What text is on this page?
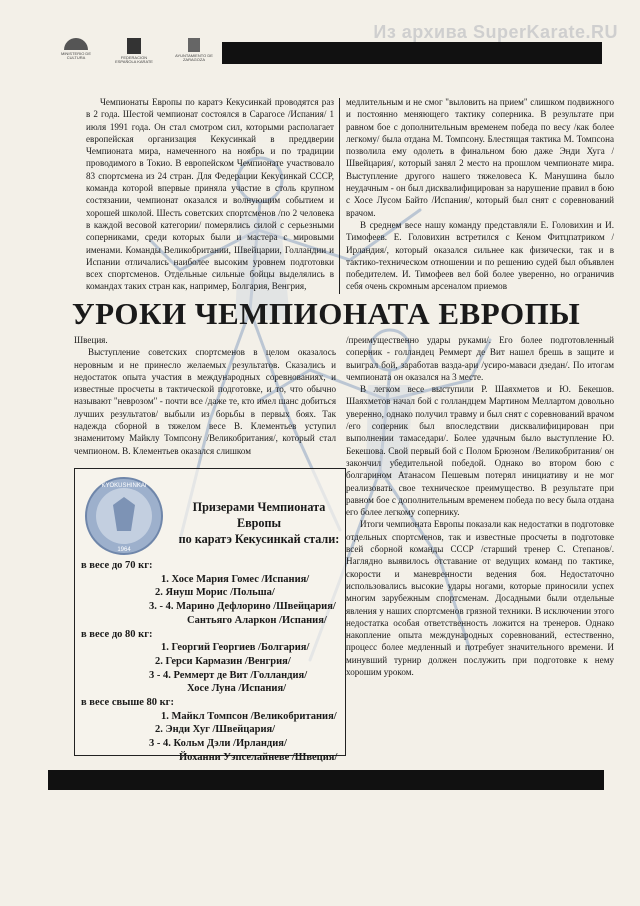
Из архива SuperKarate.RU
MINISTERIO DE CULTURA	FEDERACION ESPAÑOLA KARATE
AYUNTAMIENTO DE ZARAGOZA

Чемпионаты Европы по каратэ Кекусинкай проводятся раз в 2 года. Шестой чемпионат состоялся в Сарагосе /Испания/ 1 июля 1991 года. Он стал смотром сил, которыми располагает европейская организация Кекусинкай в преддверии Чемпионата мира, намеченного на ноябрь и по традиции проводимого в Токио. В европейском Чемпионате участвовало 83 спортсмена из 24 стран. Для Федерации Кекусинкай СССР, команда которой впервые приняла участие в столь крупном состязании, чемпионат оказался и волнующим событием и хорошей школой. Шесть советских спортсменов /по 2 человека в каждой весовой категории/ померялись силой с серьезными соперниками, среди которых были и мастера с мировыми именами. Команды Великобритании, Швейцарии, Голландии и Испании отличались наиболее высоким уровнем подготовки всех спортсменов. Отдельные сильные бойцы выделялись в командах таких стран как, например, Болгария, Венгрия,

медлительным и не смог "выловить на прием" слишком подвижного и постоянно меняющего тактику соперника. В результате при равном бое с дополнительным временем победа по весу /как более легкому/ была отдана М. Томпсону. Блестящая тактика М. Томпсона позволила ему одолеть в финальном бою даже Энди Хуга /Швейцария/, который занял 2 место на прошлом чемпионате мира. Выступление другого нашего тяжеловеса К. Манушина было неудачным - он был дисквалифицирован за нарушение правил в бою с Хосе Лусом Байто /Испания/, который был снят с соревнований врачом.

В среднем весе нашу команду представляли Е. Головихин и И. Тимофеев. Е. Головихин встретился с Кеном Фитцпатриком /Ирландия/, который оказался сильнее как физически, так и в тактико-техническом отношении и по решению судей был объявлен победителем. И. Тимофеев вел бой более уверенно, но ограничив себя очень скромным арсеналом приемов

УРОКИ ЧЕМПИОНАТА ЕВРОПЫ

Швеция.

Выступление советских спортсменов в целом оказалось неровным и не принесло желаемых результатов. Сказались и недостаток опыта участия в международных соревнованиях, и известные просчеты в тактической подготовке, и то, что обычно называют "неврозом" - почти все /даже те, кто имел шанс добиться лучших результатов/ выбыли из борьбы в первых боях. Так надежда сборной в тяжелом весе В. Клементьев уступил знаменитому Майклу Томпсону /Великобритания/, который стал чемпионом. В. Клементьев оказался слишком

/преимущественно удары руками/. Его более подготовленный соперник - голландец Реммерт де Вит нашел брешь в защите и выиграл бой, заработав вазда-ари /усиро-маваси дзедан/. По итогам чемпионата он оказался на 3 месте.

В легком весе выступили Р. Шаяхметов и Ю. Бекешов. Шаяхметов начал бой с голландцем Мартином Меллартом довольно уверенно, однако получил травму и был снят с соревнований врачом /его соперник был впоследствии дисквалифицирован при выполнении тамаседари/. Более удачным было выступление Ю. Бекешова. Свой первый бой с Полом Брюэном /Великобритания/ он закончил убедительной победой. Однако во втором бою с болгарином Атанасом Пешевым потерял инициативу и не мог реализовать свое техническое преимущество. В результате при равном бое с дополнительным временем победа по весу была отдана его более легкому сопернику.

Итоги чемпионата Европы показали как недостатки в подготовке отдельных спортсменов, так и известные просчеты в подготовке всей сборной команды СССР /старший тренер С. Степанов/. Наглядно выявилось отставание от ведущих команд по тактике, скорости и маневренности ведения боя. Недостаточно использовались высокие удары ногами, которые приносили успех многим зарубежным спортсменам. Досадными были отдельные явления у наших спортсменов грязной техники. В исключении этого недостатка особая ответственность ложится на тренеров. Однако накопление опыта международных соревнований, естественно, процесс более медленный и потребует значительного времени. И минувший турнир должен послужить при подготовке к нему хорошим уроком.

KYOKUSHINKAI
1964
Призерами Чемпионата Европы
по каратэ Кекусинкай стали:
в весе до 70 кг:
1. Хосе Мария Гомес /Испания/
2. Януш Морис /Польша/
3. - 4. Марино Дефлорино /Швейцария/
Сантьяго Аларкон /Испания/
в весе до 80 кг:
1. Георгий Георгиев /Болгария/
2. Герси Кармазин /Венгрия/
3 - 4. Реммерт де Вит /Голландия/
Хосе Луна /Испания/
в весе свыше 80 кг:
1. Майкл Томпсон /Великобритания/
2. Энди Хуг /Швейцария/
3 - 4. Кольм Дэли /Ирландия/
Йоханни Уэпселайневе /Швеция/
